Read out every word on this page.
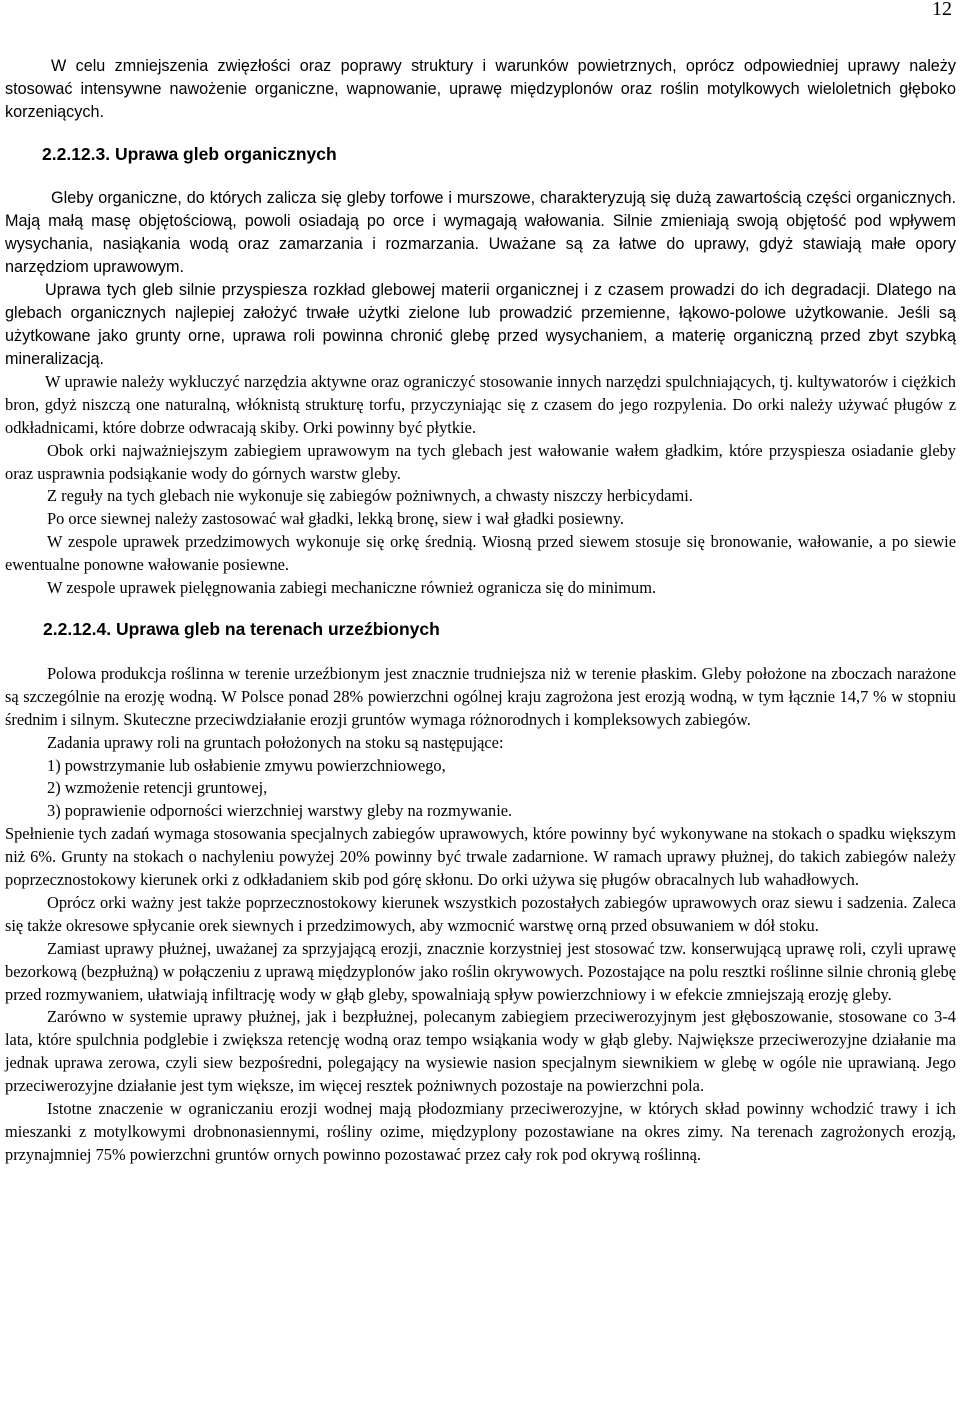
12

W celu zmniejszenia zwięzłości oraz poprawy struktury i warunków powietrznych, oprócz odpowiedniej uprawy należy stosować intensywne nawożenie organiczne, wapnowanie, uprawę międzyplonów oraz roślin motylkowych wieloletnich głęboko korzeniących.

2.2.12.3. Uprawa gleb organicznych

Gleby organiczne, do których zalicza się gleby torfowe i murszowe, charakteryzują się dużą zawartością części organicznych. Mają małą masę objętościową, powoli osiadają po orce i wymagają wałowania. Silnie zmieniają swoją objętość pod wpływem wysychania, nasiąkania wodą oraz zamarzania i rozmarzania. Uważane są za łatwe do uprawy, gdyż stawiają małe opory narzędziom uprawowym.

Uprawa tych gleb silnie przyspiesza rozkład glebowej materii organicznej i z czasem prowadzi do ich degradacji. Dlatego na glebach organicznych najlepiej założyć trwałe użytki zielone lub prowadzić przemienne, łąkowo-polowe użytkowanie. Jeśli są użytkowane jako grunty orne, uprawa roli powinna chronić glebę przed wysychaniem, a materię organiczną przed zbyt szybką mineralizacją.

W uprawie należy wykluczyć narzędzia aktywne oraz ograniczyć stosowanie innych narzędzi spulchniających, tj. kultywatorów i ciężkich bron, gdyż niszczą one naturalną, włóknistą strukturę torfu, przyczyniając się z czasem do jego rozpylenia. Do orki należy używać pługów z odkładnicami, które dobrze odwracają skiby. Orki powinny być płytkie.

Obok orki najważniejszym zabiegiem uprawowym na tych glebach jest wałowanie wałem gładkim, które przyspiesza osiadanie gleby oraz usprawnia podsiąkanie wody do górnych warstw gleby.

Z reguły na tych glebach nie wykonuje się zabiegów pożniwnych, a chwasty niszczy herbicydami.

Po orce siewnej należy zastosować wał gładki, lekką bronę, siew i wał gładki posiewny.

W zespole uprawek przedzimowych wykonuje się orkę średnią. Wiosną przed siewem stosuje się bronowanie, wałowanie, a po siewie ewentualne ponowne wałowanie posiewne.

W zespole uprawek pielęgnowania zabiegi mechaniczne również ogranicza się do minimum.

2.2.12.4. Uprawa gleb na terenach urzeźbionych

Polowa produkcja roślinna w terenie urzeźbionym jest znacznie trudniejsza niż w terenie płaskim. Gleby położone na zboczach narażone są szczególnie na erozję wodną. W Polsce ponad 28% powierzchni ogólnej kraju zagrożona jest erozją wodną, w tym łącznie 14,7 % w stopniu średnim i silnym. Skuteczne przeciwdziałanie erozji gruntów wymaga różnorodnych i kompleksowych zabiegów.

Zadania uprawy roli na gruntach położonych na stoku są następujące:

1) powstrzymanie lub osłabienie zmywu powierzchniowego,

2) wzmożenie retencji gruntowej,

3) poprawienie odporności wierzchniej warstwy gleby na rozmywanie.

Spełnienie tych zadań wymaga stosowania specjalnych zabiegów uprawowych, które powinny być wykonywane na stokach o spadku większym niż 6%. Grunty na stokach o nachyleniu powyżej 20% powinny być trwale zadarnione. W ramach uprawy płużnej, do takich zabiegów należy poprzecznostokowy kierunek orki z odkładaniem skib pod górę skłonu. Do orki używa się pługów obracalnych lub wahadłowych.

Oprócz orki ważny jest także poprzecznostokowy kierunek wszystkich pozostałych zabiegów uprawowych oraz siewu i sadzenia. Zaleca się także okresowe spłycanie orek siewnych i przedzimowych, aby wzmocnić warstwę orną przed obsuwaniem w dół stoku.

Zamiast uprawy płużnej, uważanej za sprzyjającą erozji, znacznie korzystniej jest stosować tzw. konserwującą uprawę roli, czyli uprawę bezorkową (bezpłużną) w połączeniu z uprawą międzyplonów jako roślin okrywowych. Pozostające na polu resztki roślinne silnie chronią glebę przed rozmywaniem, ułatwiają infiltrację wody w głąb gleby, spowalniają spływ powierzchniowy i w efekcie zmniejszają erozję gleby.

Zarówno w systemie uprawy płużnej, jak i bezpłużnej, polecanym zabiegiem przeciwerozyjnym jest głęboszowanie, stosowane co 3-4 lata, które spulchnia podglebie i zwiększa retencję wodną oraz tempo wsiąkania wody w głąb gleby. Największe przeciwerozyjne działanie ma jednak uprawa zerowa, czyli siew bezpośredni, polegający na wysiewie nasion specjalnym siewnikiem w glebę w ogóle nie uprawianą. Jego przeciwerozyjne działanie jest tym większe, im więcej resztek pożniwnych pozostaje na powierzchni pola.

Istotne znaczenie w ograniczaniu erozji wodnej mają płodozmiany przeciwerozyjne, w których skład powinny wchodzić trawy i ich mieszanki z motylkowymi drobnonasiennymi, rośliny ozime, międzyplony pozostawiane na okres zimy. Na terenach zagrożonych erozją, przynajmniej 75% powierzchni gruntów ornych powinno pozostawać przez cały rok pod okrywą roślinną.
